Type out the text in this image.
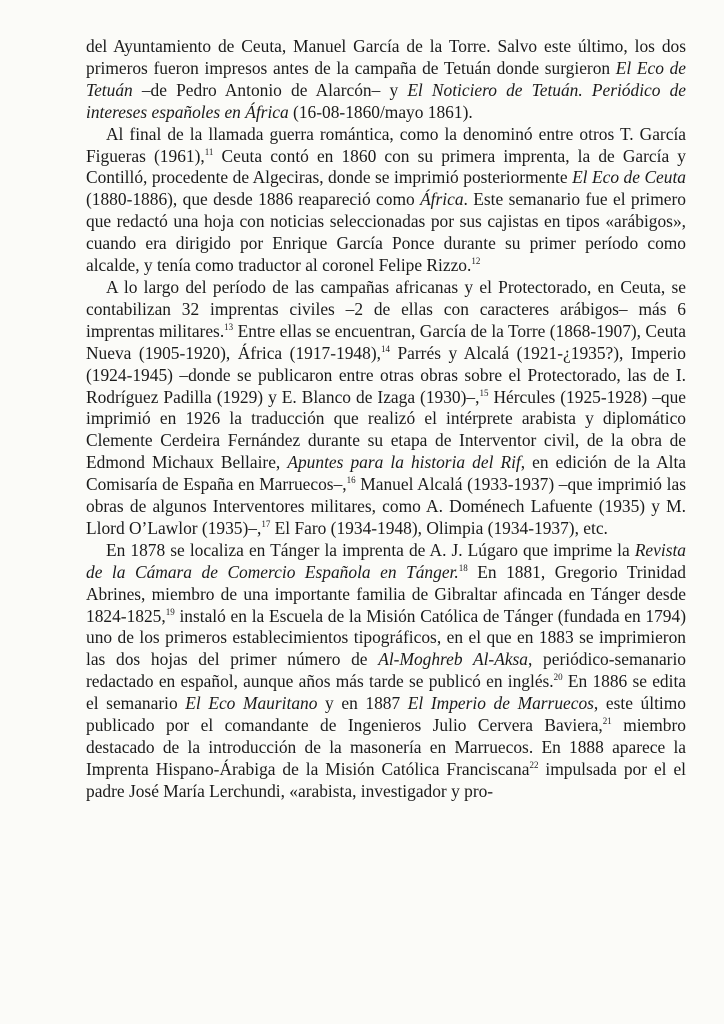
del Ayuntamiento de Ceuta, Manuel García de la Torre. Salvo este último, los dos primeros fueron impresos antes de la campaña de Tetuán donde surgieron El Eco de Tetuán –de Pedro Antonio de Alarcón– y El Noticiero de Tetuán. Periódico de intereses españoles en África (16-08-1860/mayo 1861).

Al final de la llamada guerra romántica, como la denominó entre otros T. García Figueras (1961),$^{11}$ Ceuta contó en 1860 con su primera imprenta, la de García y Contilló, procedente de Algeciras, donde se imprimió posteriormente El Eco de Ceuta (1880-1886), que desde 1886 reapareció como África. Este semanario fue el primero que redactó una hoja con noticias seleccionadas por sus cajistas en tipos «arábigos», cuando era dirigido por Enrique García Ponce durante su primer período como alcalde, y tenía como traductor al coronel Felipe Rizzo.$^{12}$

A lo largo del período de las campañas africanas y el Protectorado, en Ceuta, se contabilizan 32 imprentas civiles –2 de ellas con caracteres arábigos– más 6 imprentas militares.$^{13}$ Entre ellas se encuentran, García de la Torre (1868-1907), Ceuta Nueva (1905-1920), África (1917-1948),$^{14}$ Parrés y Alcalá (1921-¿1935?), Imperio (1924-1945) –donde se publicaron entre otras obras sobre el Protectorado, las de I. Rodríguez Padilla (1929) y E. Blanco de Izaga (1930)–,$^{15}$ Hércules (1925-1928) –que imprimió en 1926 la traducción que realizó el intérprete arabista y diplomático Clemente Cerdeira Fernández durante su etapa de Interventor civil, de la obra de Edmond Michaux Bellaire, Apuntes para la historia del Rif, en edición de la Alta Comisaría de España en Marruecos–,$^{16}$ Manuel Alcalá (1933-1937) –que imprimió las obras de algunos Interventores militares, como A. Doménech Lafuente (1935) y M. Llord O’Lawlor (1935)–,$^{17}$ El Faro (1934-1948), Olimpia (1934-1937), etc.

En 1878 se localiza en Tánger la imprenta de A. J. Lúgaro que imprime la Revista de la Cámara de Comercio Española en Tánger.$^{18}$ En 1881, Gregorio Trinidad Abrines, miembro de una importante familia de Gibraltar afincada en Tánger desde 1824-1825,19 instaló en la Escuela de la Misión Católica de Tánger (fundada en 1794) uno de los primeros establecimientos tipográficos, en el que en 1883 se imprimieron las dos hojas del primer número de Al-Moghreb Al-Aksa, periódico-semanario redactado en español, aunque años más tarde se publicó en inglés.$^{20}$ En 1886 se edita el semanario El Eco Mauritano y en 1887 El Imperio de Marruecos, este último publicado por el comandante de Ingenieros Julio Cervera Baviera,$^{21}$ miembro destacado de la introducción de la masonería en Marruecos. En 1888 aparece la Imprenta Hispano-Árabiga de la Misión Católica Franciscana$^{22}$ impulsada por el el padre José María Lerchundi, «arabista, investigador y pro-
